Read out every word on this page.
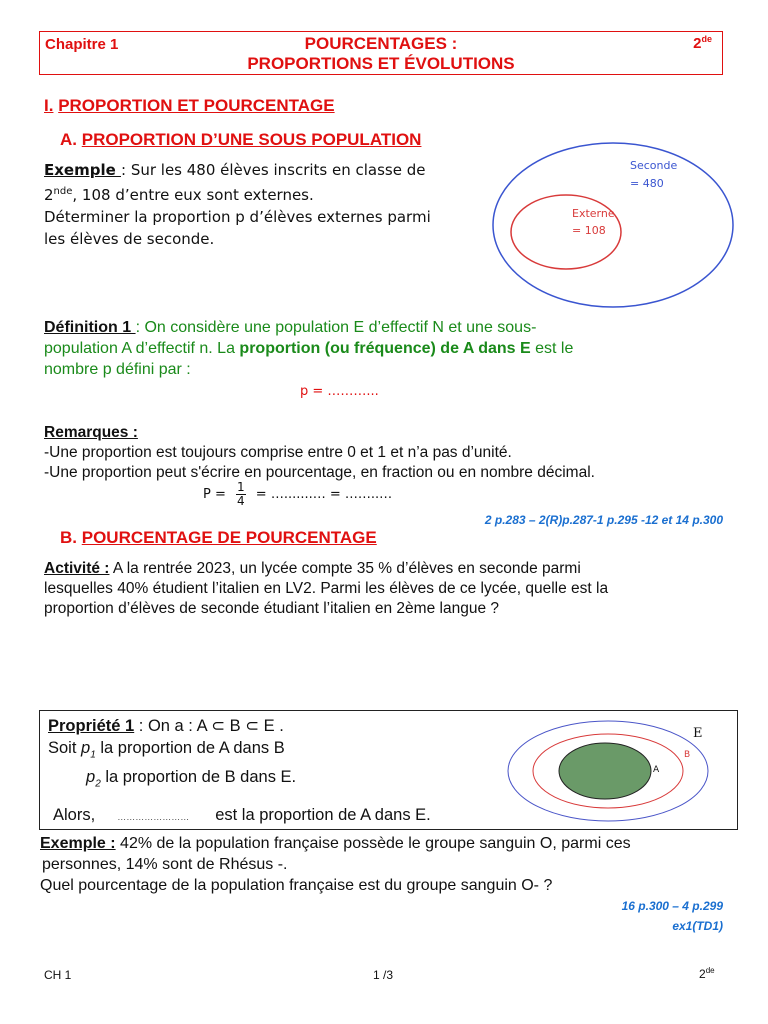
Chapitre 1	POURCENTAGES :
PROPORTIONS ET ÉVOLUTIONS
2de
I. PROPORTION ET POURCENTAGE
A. PROPORTION D’UNE SOUS POPULATION
Exemple : Sur les 480 élèves inscrits en classe de
2nde, 108 d’entre eux sont externes.
Déterminer la proportion p d’élèves externes parmi
les élèves de seconde.
Seconde
= 480
Externe
= 108
Définition 1 : On considère une population E d’effectif N et une sous-
population A d’effectif n. La proportion (ou fréquence) de A dans E est le
nombre p défini par :
p = ………...
Remarques :
-Une proportion est toujours comprise entre 0 et 1 et n’a pas d’unité.
-Une proportion peut s'écrire en pourcentage, en fraction ou en nombre décimal.
$P = \frac{1}{4}$ = ….......… = ……..…
2 p.283 – 2(R)p.287-1 p.295 -12 et 14 p.300
B. POURCENTAGE DE POURCENTAGE
Activité : A la rentrée 2023, un lycée compte 35 % d’élèves en seconde parmi
lesquelles 40% étudient l’italien en LV2. Parmi les élèves de ce lycée, quelle est la
proportion d’élèves de seconde étudiant l’italien en 2ème langue ?
Propriété 1 : On a : A ⊂ B ⊂ E .
Soit $p_1$ la proportion de A dans B
$p_2$ la proportion de B dans E.
Alors, …………………… est la proportion de A dans E.
E
B
A
Exemple : 42% de la population française possède le groupe sanguin O, parmi ces
personnes, 14% sont de Rhésus -.
Quel pourcentage de la population française est du groupe sanguin O- ?
16 p.300 – 4 p.299
ex1(TD1)
CH 1	1 /3	2de
